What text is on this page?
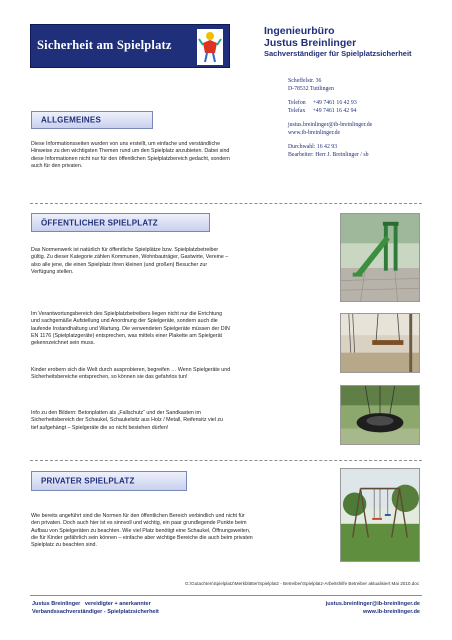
Sicherheit am Spielplatz
Ingenieurbüro
Justus Breinlinger
Sachverständiger für Spielplatzsicherheit
Scheffelstr. 36
D-78532 Tuttlingen
Telefon     +49 7461 16 42 93
Telefax     +49 7461 16 42 94
justus.breinlinger@ib-breinlinger.de
www.ib-breinlinger.de
Durchwahl: 16 42 93
Bearbeiter: Herr J. Breinlinger / sb
ALLGEMEINES
Diese Informationsseiten wurden von uns erstellt, um einfache und verständliche Hinweise zu den wichtigsten Themen rund um den Spielplatz anzubieten. Dabei sind diese Informationen nicht nur für den öffentlichen Spielplatzbereich gedacht, sondern auch für den privaten.
ÖFFENTLICHER SPIELPLATZ
Das Normenwerk ist natürlich für öffentliche Spielplätze bzw. Spielplatzbetreiber gültig. Zu dieser Kategorie zählen Kommunen, Wohnbauträger, Gastwirte, Vereine – also alle jene, die einen Spielplatz ihren kleinen (und großen) Besucher zur Verfügung stellen.
Im Verantwortungsbereich des Spielplatzbetreibers liegen nicht nur die Errichtung und sachgemäße Aufstellung und Anordnung der Spielgeräte, sondern auch die laufende Instandhaltung und Wartung. Die verwendeten Spielgeräte müssen der DIN EN 1176 (Spielplatzgeräte) entsprechen, was mittels einer Plakette am Spielgerät gekennzeichnet sein muss.
Kinder erobern sich die Welt durch ausprobieren, begreifen … Wenn Spielgeräte und Sicherheitsbereiche entsprechen, so können sie das gefahrlos tun!
Info zu den Bildern: Betonplatten als „Fallschutz“ und der Sandkasten im Sicherheitsbereich der Schaukel, Schaukelsitz aus Holz / Metall, Reifensitz viel zu tief aufgehängt – Spielgeräte die so nicht bestehen dürfen!
PRIVATER SPIELPLATZ
Wie bereits angeführt sind die Normen für den öffentlichen Bereich verbindlich und nicht für den privaten. Doch auch hier ist es sinnvoll und wichtig, ein paar grundlegende Punkte beim Aufbau von Spielgeräten zu beachten. Wie viel Platz benötigt eine Schaukel, Öffnungsweiten, die für Kinder gefährlich sein können – einfache aber wichtige Bereiche die auch beim privaten Spielplatz zu beachten sind.
G:\Gutachten\Spielplatz\Merkblätter\Spielplatz - Betreiber\Spielplatz-Arbeitshilfe Betreiber aktualisiert Mai 2010.doc
Justus Breinlinger   vereidigter + anerkannter
Verbandssachverständiger - Spielplatzsicherheit
justus.breinlinger@ib-breinlinger.de
www.ib-breinlinger.de
